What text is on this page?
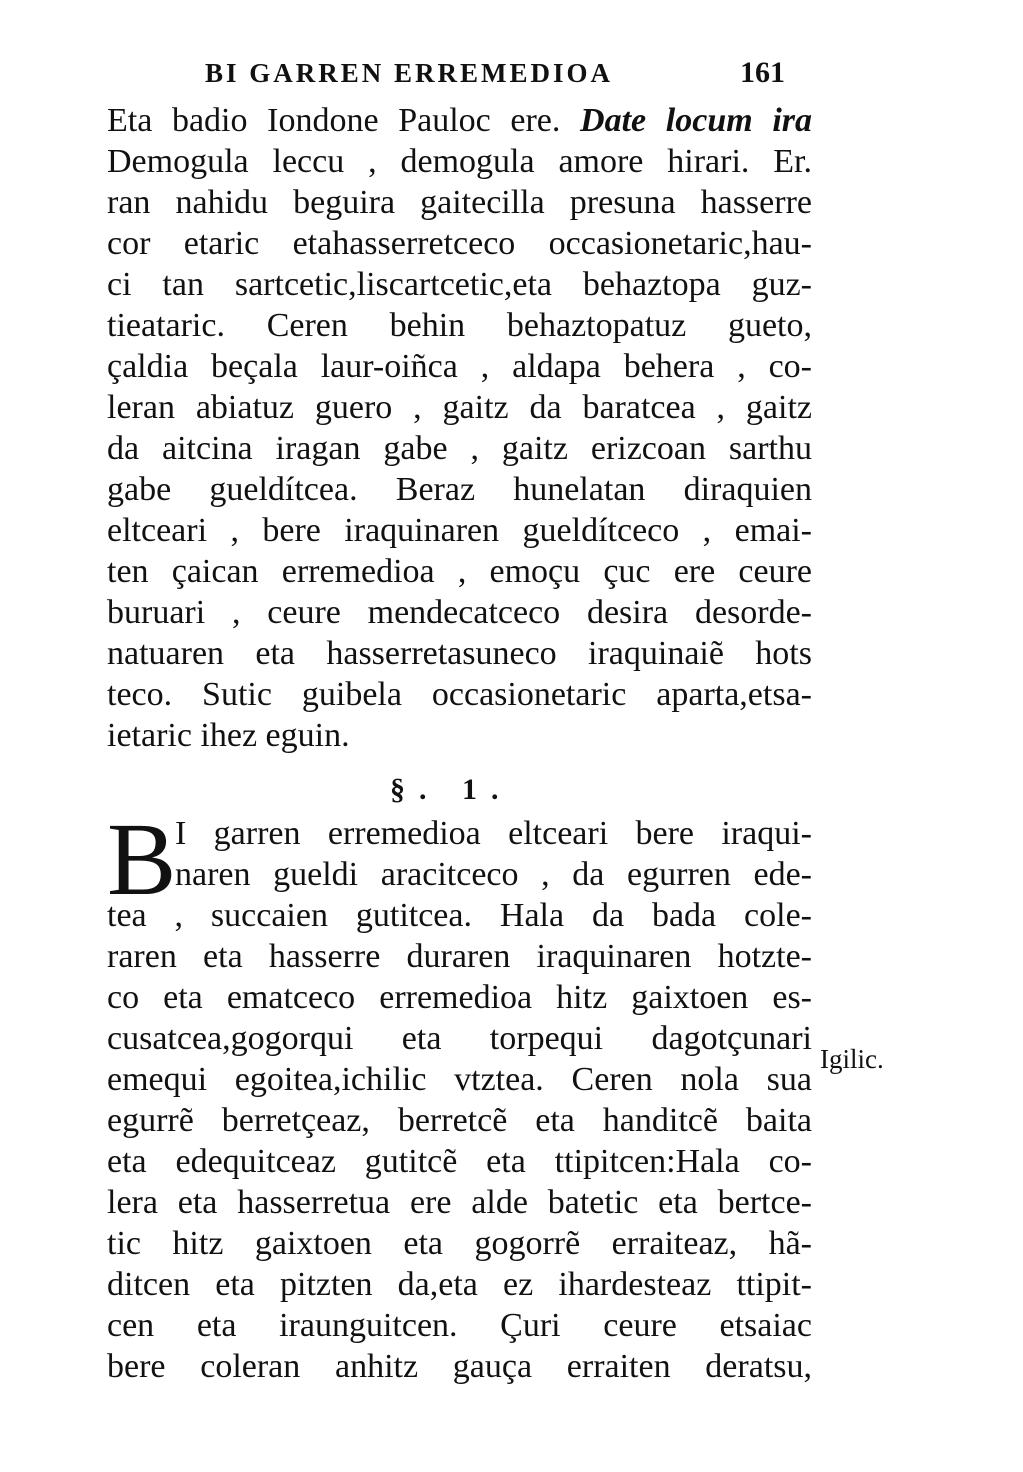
BI GARREN ERREMEDIOA	161
Eta badio Iondone Pauloc ere. Date locum ira
Demogula leccu , demogula amore hirari. Er.
ran nahidu beguira gaitecilla presuna hasserre
cor etaric etahasserretceco occasionetaric,hau-
ci tan sartcetic,liscartcetic,eta behaztopa guz-
tieataric. Ceren behin behaztopatuz gueto,
çaldia beçala laur-oiñca , aldapa behera , co-
leran abiatuz guero , gaitz da baratcea , gaitz
da aitcina iragan gabe , gaitz erizcoan sarthu
gabe gueldítcea. Beraz hunelatan diraquien
eltceari , bere iraquinaren gueldítceco , emai-
ten çaican erremedioa , emoçu çuc ere ceure
buruari , ceure mendecatceco desira desorde-
natuaren eta hasserretasuneco iraquinaiẽ hots
teco. Sutic guibela occasionetaric aparta,etsa-
ietaric ihez eguin.
§. 1.
B
I garren erremedioa eltceari bere iraqui-
naren gueldi aracitceco , da egurren ede-
tea , succaien gutitcea. Hala da bada cole-
raren eta hasserre duraren iraquinaren hotzte-
co eta ematceco erremedioa hitz gaixtoen es-
cusatcea,gogorqui eta torpequi dagotçunari
emequi egoitea,ichilic vtztea. Ceren nola sua
egurrẽ berretçeaz, berretcẽ eta handitcẽ baita
eta edequitceaz gutitcẽ eta ttipitcen:Hala co-
lera eta hasserretua ere alde batetic eta bertce-
tic hitz gaixtoen eta gogorrẽ erraiteaz, hã-
ditcen eta pitzten da,eta ez ihardesteaz ttipit-
cen eta iraunguitcen. Çuri ceure etsaiac
bere coleran anhitz gauça erraiten deratsu,
Igilic.
